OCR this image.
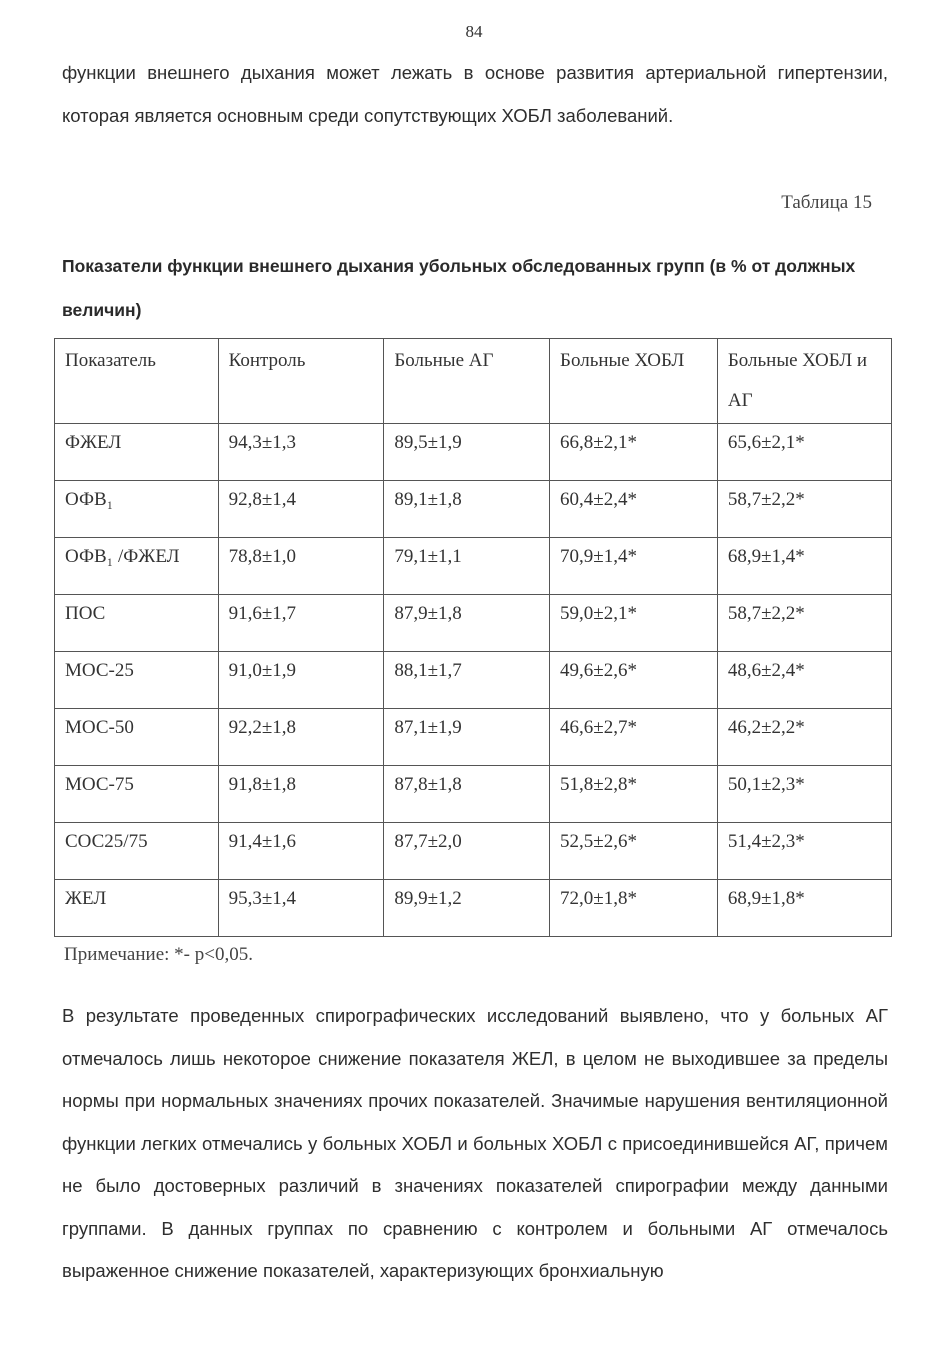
84

функции внешнего дыхания может лежать в основе развития артериальной гипертензии, которая является основным среди сопутствующих ХОБЛ заболеваний.

Таблица 15

Показатели функции внешнего дыхания убольных обследованных групп (в % от должных величин)

Показатель	Контроль	Больные АГ	Больные ХОБЛ	Больные ХОБЛ и АГ
ФЖЕЛ	94,3±1,3	89,5±1,9	66,8±2,1*	65,6±2,1*
ОФВ₁	92,8±1,4	89,1±1,8	60,4±2,4*	58,7±2,2*
ОФВ₁ /ФЖЕЛ	78,8±1,0	79,1±1,1	70,9±1,4*	68,9±1,4*
ПОС	91,6±1,7	87,9±1,8	59,0±2,1*	58,7±2,2*
МОС-25	91,0±1,9	88,1±1,7	49,6±2,6*	48,6±2,4*
МОС-50	92,2±1,8	87,1±1,9	46,6±2,7*	46,2±2,2*
МОС-75	91,8±1,8	87,8±1,8	51,8±2,8*	50,1±2,3*
СОС25/75	91,4±1,6	87,7±2,0	52,5±2,6*	51,4±2,3*
ЖЕЛ	95,3±1,4	89,9±1,2	72,0±1,8*	68,9±1,8*
Примечание: *- р<0,05.

В результате проведенных спирографических исследований выявлено, что у больных АГ отмечалось лишь некоторое снижение показателя ЖЕЛ, в целом не выходившее за пределы нормы при нормальных значениях прочих показателей. Значимые нарушения вентиляционной функции легких отмечались у больных ХОБЛ и больных ХОБЛ с присоединившейся АГ, причем не было достоверных различий в значениях показателей спирографии между данными группами. В данных группах по сравнению с контролем и больными АГ отмечалось выраженное снижение показателей, характеризующих бронхиальную
